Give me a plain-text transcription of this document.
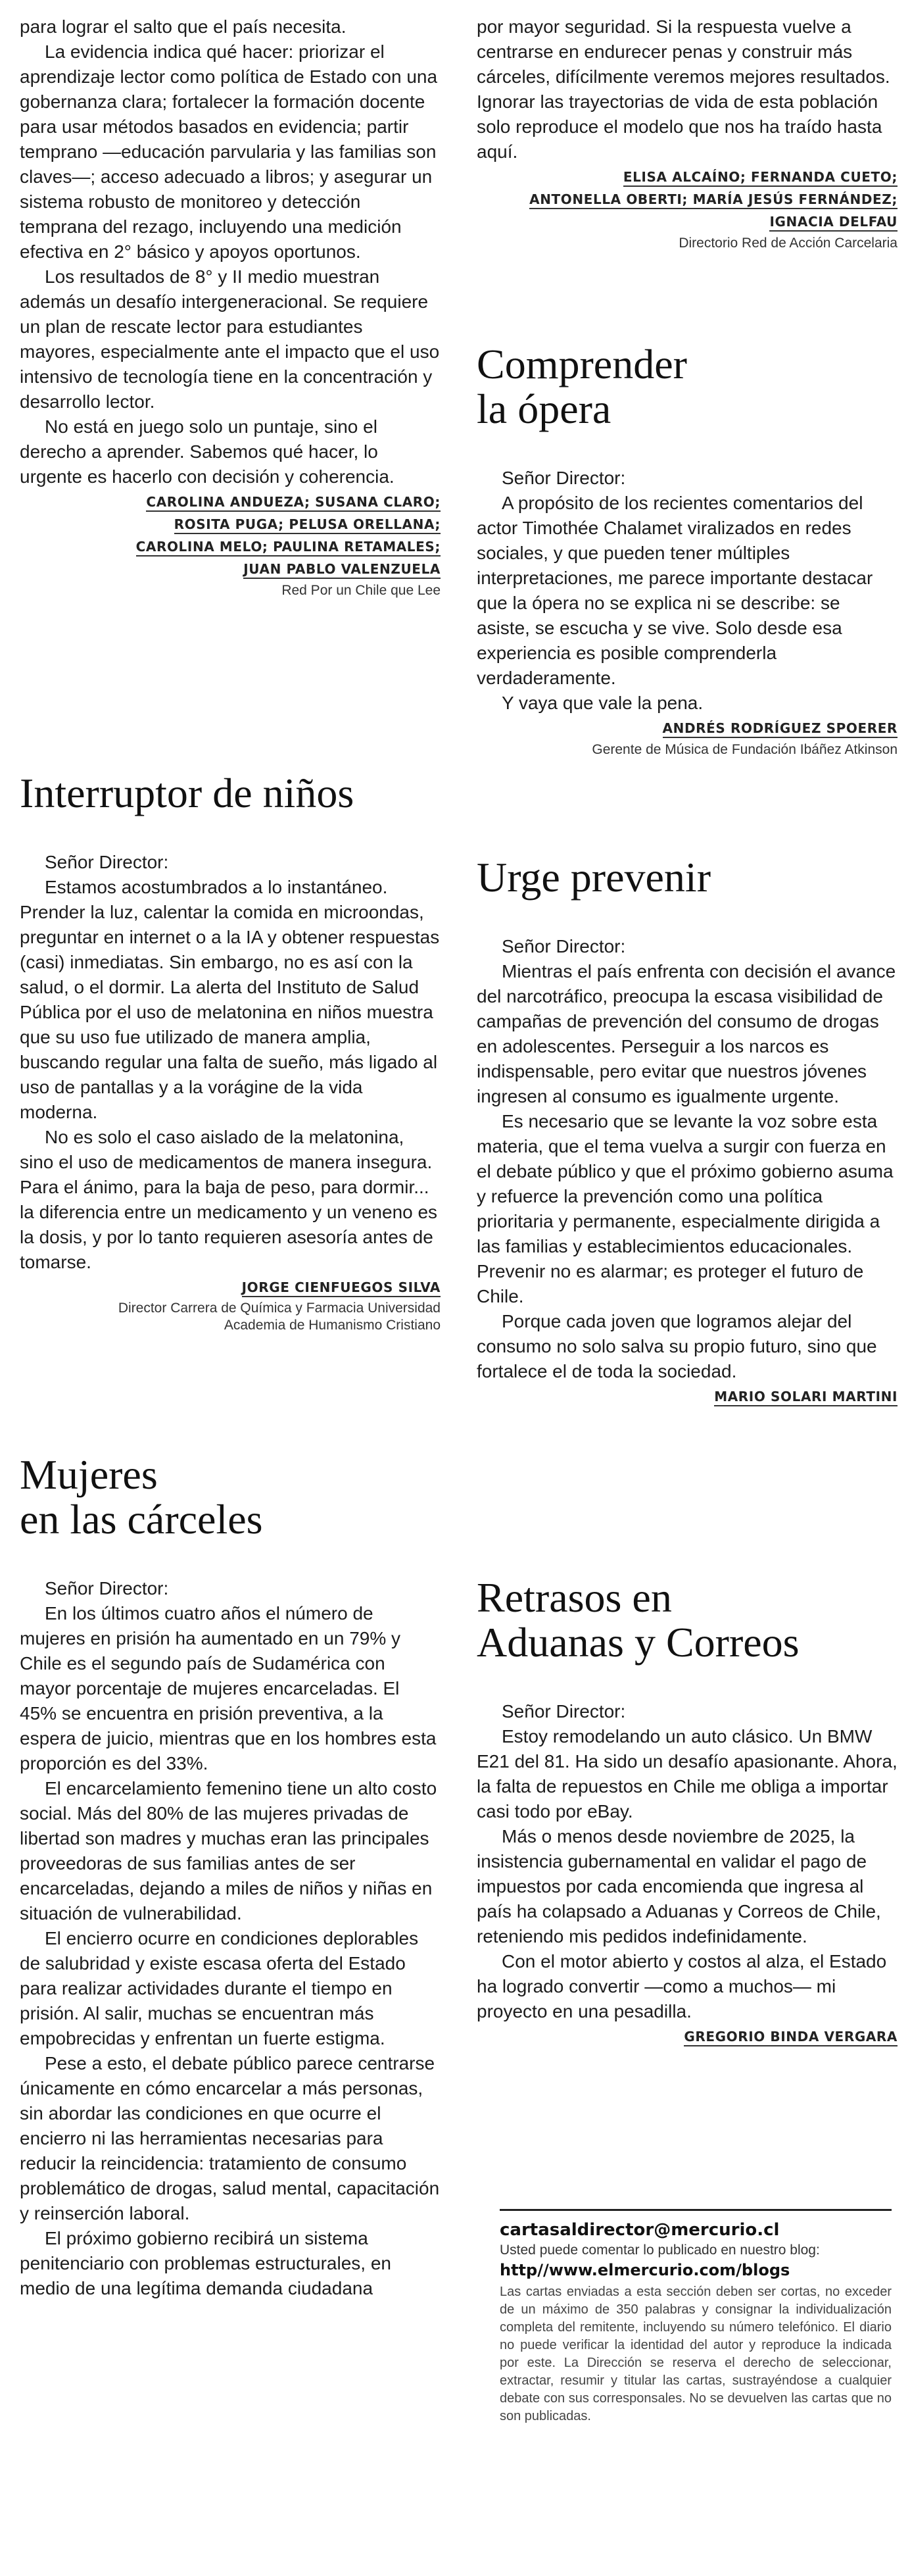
para lograr el salto que el país necesita.

La evidencia indica qué hacer: priorizar el aprendizaje lector como política de Estado con una gobernanza clara; fortalecer la formación docente para usar métodos basados en evidencia; partir temprano —educación parvularia y las familias son claves—; acceso adecuado a libros; y asegurar un sistema robusto de monitoreo y detección temprana del rezago, incluyendo una medición efectiva en 2° básico y apoyos oportunos.

Los resultados de 8° y II medio muestran además un desafío intergeneracional. Se requiere un plan de rescate lector para estudiantes mayores, especialmente ante el impacto que el uso intensivo de tecnología tiene en la concentración y desarrollo lector.

No está en juego solo un puntaje, sino el derecho a aprender. Sabemos qué hacer, lo urgente es hacerlo con decisión y coherencia.

CAROLINA ANDUEZA; SUSANA CLARO;
ROSITA PUGA; PELUSA ORELLANA;
CAROLINA MELO; PAULINA RETAMALES;
JUAN PABLO VALENZUELA

Red Por un Chile que Lee

Interruptor de niños

Señor Director:

Estamos acostumbrados a lo instantáneo. Prender la luz, calentar la comida en microondas, preguntar en internet o a la IA y obtener respuestas (casi) inmediatas. Sin embargo, no es así con la salud, o el dormir. La alerta del Instituto de Salud Pública por el uso de melatonina en niños muestra que su uso fue utilizado de manera amplia, buscando regular una falta de sueño, más ligado al uso de pantallas y a la vorágine de la vida moderna.

No es solo el caso aislado de la melatonina, sino el uso de medicamentos de manera insegura. Para el ánimo, para la baja de peso, para dormir... la diferencia entre un medicamento y un veneno es la dosis, y por lo tanto requieren asesoría antes de tomarse.

JORGE CIENFUEGOS SILVA

Director Carrera de Química y Farmacia Universidad
Academia de Humanismo Cristiano

Mujeres
en las cárceles

Señor Director:

En los últimos cuatro años el número de mujeres en prisión ha aumentado en un 79% y Chile es el segundo país de Sudamérica con mayor porcentaje de mujeres encarceladas. El 45% se encuentra en prisión preventiva, a la espera de juicio, mientras que en los hombres esta proporción es del 33%.

El encarcelamiento femenino tiene un alto costo social. Más del 80% de las mujeres privadas de libertad son madres y muchas eran las principales proveedoras de sus familias antes de ser encarceladas, dejando a miles de niños y niñas en situación de vulnerabilidad.

El encierro ocurre en condiciones deplorables de salubridad y existe escasa oferta del Estado para realizar actividades durante el tiempo en prisión. Al salir, muchas se encuentran más empobrecidas y enfrentan un fuerte estigma.

Pese a esto, el debate público parece centrarse únicamente en cómo encarcelar a más personas, sin abordar las condiciones en que ocurre el encierro ni las herramientas necesarias para reducir la reincidencia: tratamiento de consumo problemático de drogas, salud mental, capacitación y reinserción laboral.

El próximo gobierno recibirá un sistema penitenciario con problemas estructurales, en medio de una legítima demanda ciudadana

por mayor seguridad. Si la respuesta vuelve a centrarse en endurecer penas y construir más cárceles, difícilmente veremos mejores resultados. Ignorar las trayectorias de vida de esta población solo reproduce el modelo que nos ha traído hasta aquí.

ELISA ALCAÍNO; FERNANDA CUETO;
ANTONELLA OBERTI; MARÍA JESÚS FERNÁNDEZ;
IGNACIA DELFAU

Directorio Red de Acción Carcelaria

Comprender
la ópera

Señor Director:

A propósito de los recientes comentarios del actor Timothée Chalamet viralizados en redes sociales, y que pueden tener múltiples interpretaciones, me parece importante destacar que la ópera no se explica ni se describe: se asiste, se escucha y se vive. Solo desde esa experiencia es posible comprenderla verdaderamente.

Y vaya que vale la pena.

ANDRÉS RODRÍGUEZ SPOERER

Gerente de Música de Fundación Ibáñez Atkinson

Urge prevenir

Señor Director:

Mientras el país enfrenta con decisión el avance del narcotráfico, preocupa la escasa visibilidad de campañas de prevención del consumo de drogas en adolescentes. Perseguir a los narcos es indispensable, pero evitar que nuestros jóvenes ingresen al consumo es igualmente urgente.

Es necesario que se levante la voz sobre esta materia, que el tema vuelva a surgir con fuerza en el debate público y que el próximo gobierno asuma y refuerce la prevención como una política prioritaria y permanente, especialmente dirigida a las familias y establecimientos educacionales. Prevenir no es alarmar; es proteger el futuro de Chile.

Porque cada joven que logramos alejar del consumo no solo salva su propio futuro, sino que fortalece el de toda la sociedad.

MARIO SOLARI MARTINI
Retrasos en
Aduanas y Correos

Señor Director:

Estoy remodelando un auto clásico. Un BMW E21 del 81. Ha sido un desafío apasionante. Ahora, la falta de repuestos en Chile me obliga a importar casi todo por eBay.

Más o menos desde noviembre de 2025, la insistencia gubernamental en validar el pago de impuestos por cada encomienda que ingresa al país ha colapsado a Aduanas y Correos de Chile, reteniendo mis pedidos indefinidamente.

Con el motor abierto y costos al alza, el Estado ha logrado convertir —como a muchos— mi proyecto en una pesadilla.

GREGORIO BINDA VERGARA
cartasaldirector@mercurio.cl
Usted puede comentar lo publicado en nuestro blog:
http//www.elmercurio.com/blogs
Las cartas enviadas a esta sección deben ser cortas, no exceder de un máximo de 350 palabras y consignar la individualización completa del remitente, incluyendo su número telefónico. El diario no puede verificar la identidad del autor y reproduce la indicada por este. La Dirección se reserva el derecho de seleccionar, extractar, resumir y titular las cartas, sustrayéndose a cualquier debate con sus corresponsales. No se devuelven las cartas que no son publicadas.
